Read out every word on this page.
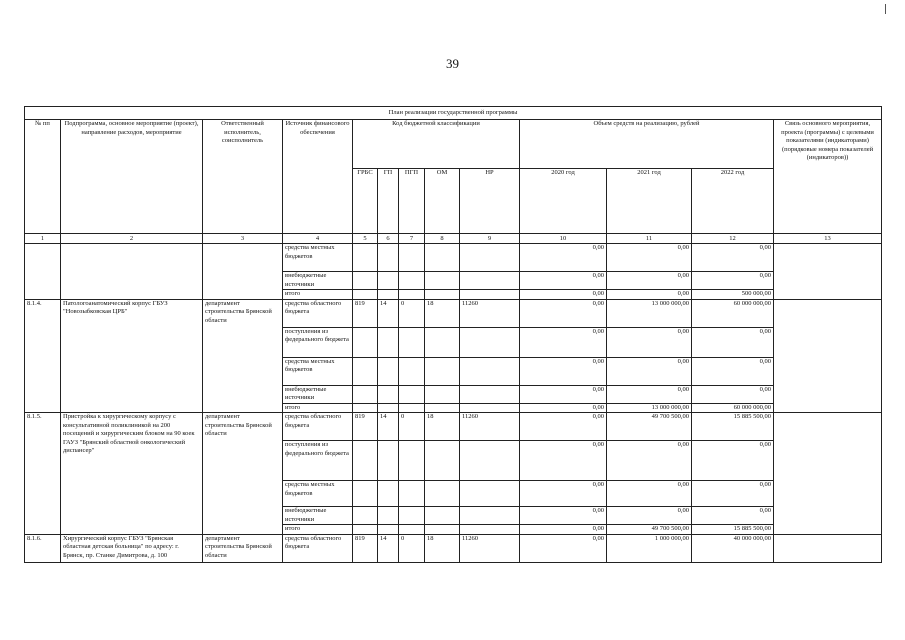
39
План реализации государственной программы												
№ пп	Подпрограмма, основное мероприятие (проект), направление расходов, мероприятие	Ответственный исполнитель, соисполнитель	Источник финансового обеспечения	Код бюджетной классификации					Объем средств на реализацию, рублей			Связь основного мероприятия, проекта (программы) с целевыми показателями (индикаторами) (порядковые номера показателей (индикаторов))
				ГРБС	ГП	ПГП	ОМ	НР	2020 год	2021 год	2022 год	
1	2	3	4	5	6	7	8	9	10	11	12	13
			средства местных бюджетов						0,00	0,00	0,00	
			внебюджетные источники						0,00	0,00	0,00	
			итого						0,00	0,00	500 000,00	
8.1.4.	Патологоанатомический корпус ГБУЗ "Новозыбковская ЦРБ"	департамент строительства Брянской области	средства областного бюджета	819	14	0	18	11260	0,00	13 000 000,00	60 000 000,00	
			поступления из федерального бюджета						0,00	0,00	0,00	
			средства местных бюджетов						0,00	0,00	0,00	
			внебюджетные источники						0,00	0,00	0,00	
			итого						0,00	13 000 000,00	60 000 000,00	
8.1.5.	Пристройка к хирургическому корпусу с консультативной поликлиникой на 200 посещений и хирургическим блоком на 90 коек ГАУЗ "Брянский областной онкологический диспансер"	департамент строительства Брянской области	средства областного бюджета	819	14	0	18	11260	0,00	49 700 500,00	15 885 500,00	
			поступления из федерального бюджета						0,00	0,00	0,00	
			средства местных бюджетов						0,00	0,00	0,00	
			внебюджетные источники						0,00	0,00	0,00	
			итого						0,00	49 700 500,00	15 885 500,00	
8.1.6.	Хирургический корпус ГБУЗ "Брянская областная детская больница" по адресу: г. Брянск, пр. Станке Димитрова, д. 100	департамент строительства Брянской области	средства областного бюджета	819	14	0	18	11260	0,00	1 000 000,00	40 000 000,00	
